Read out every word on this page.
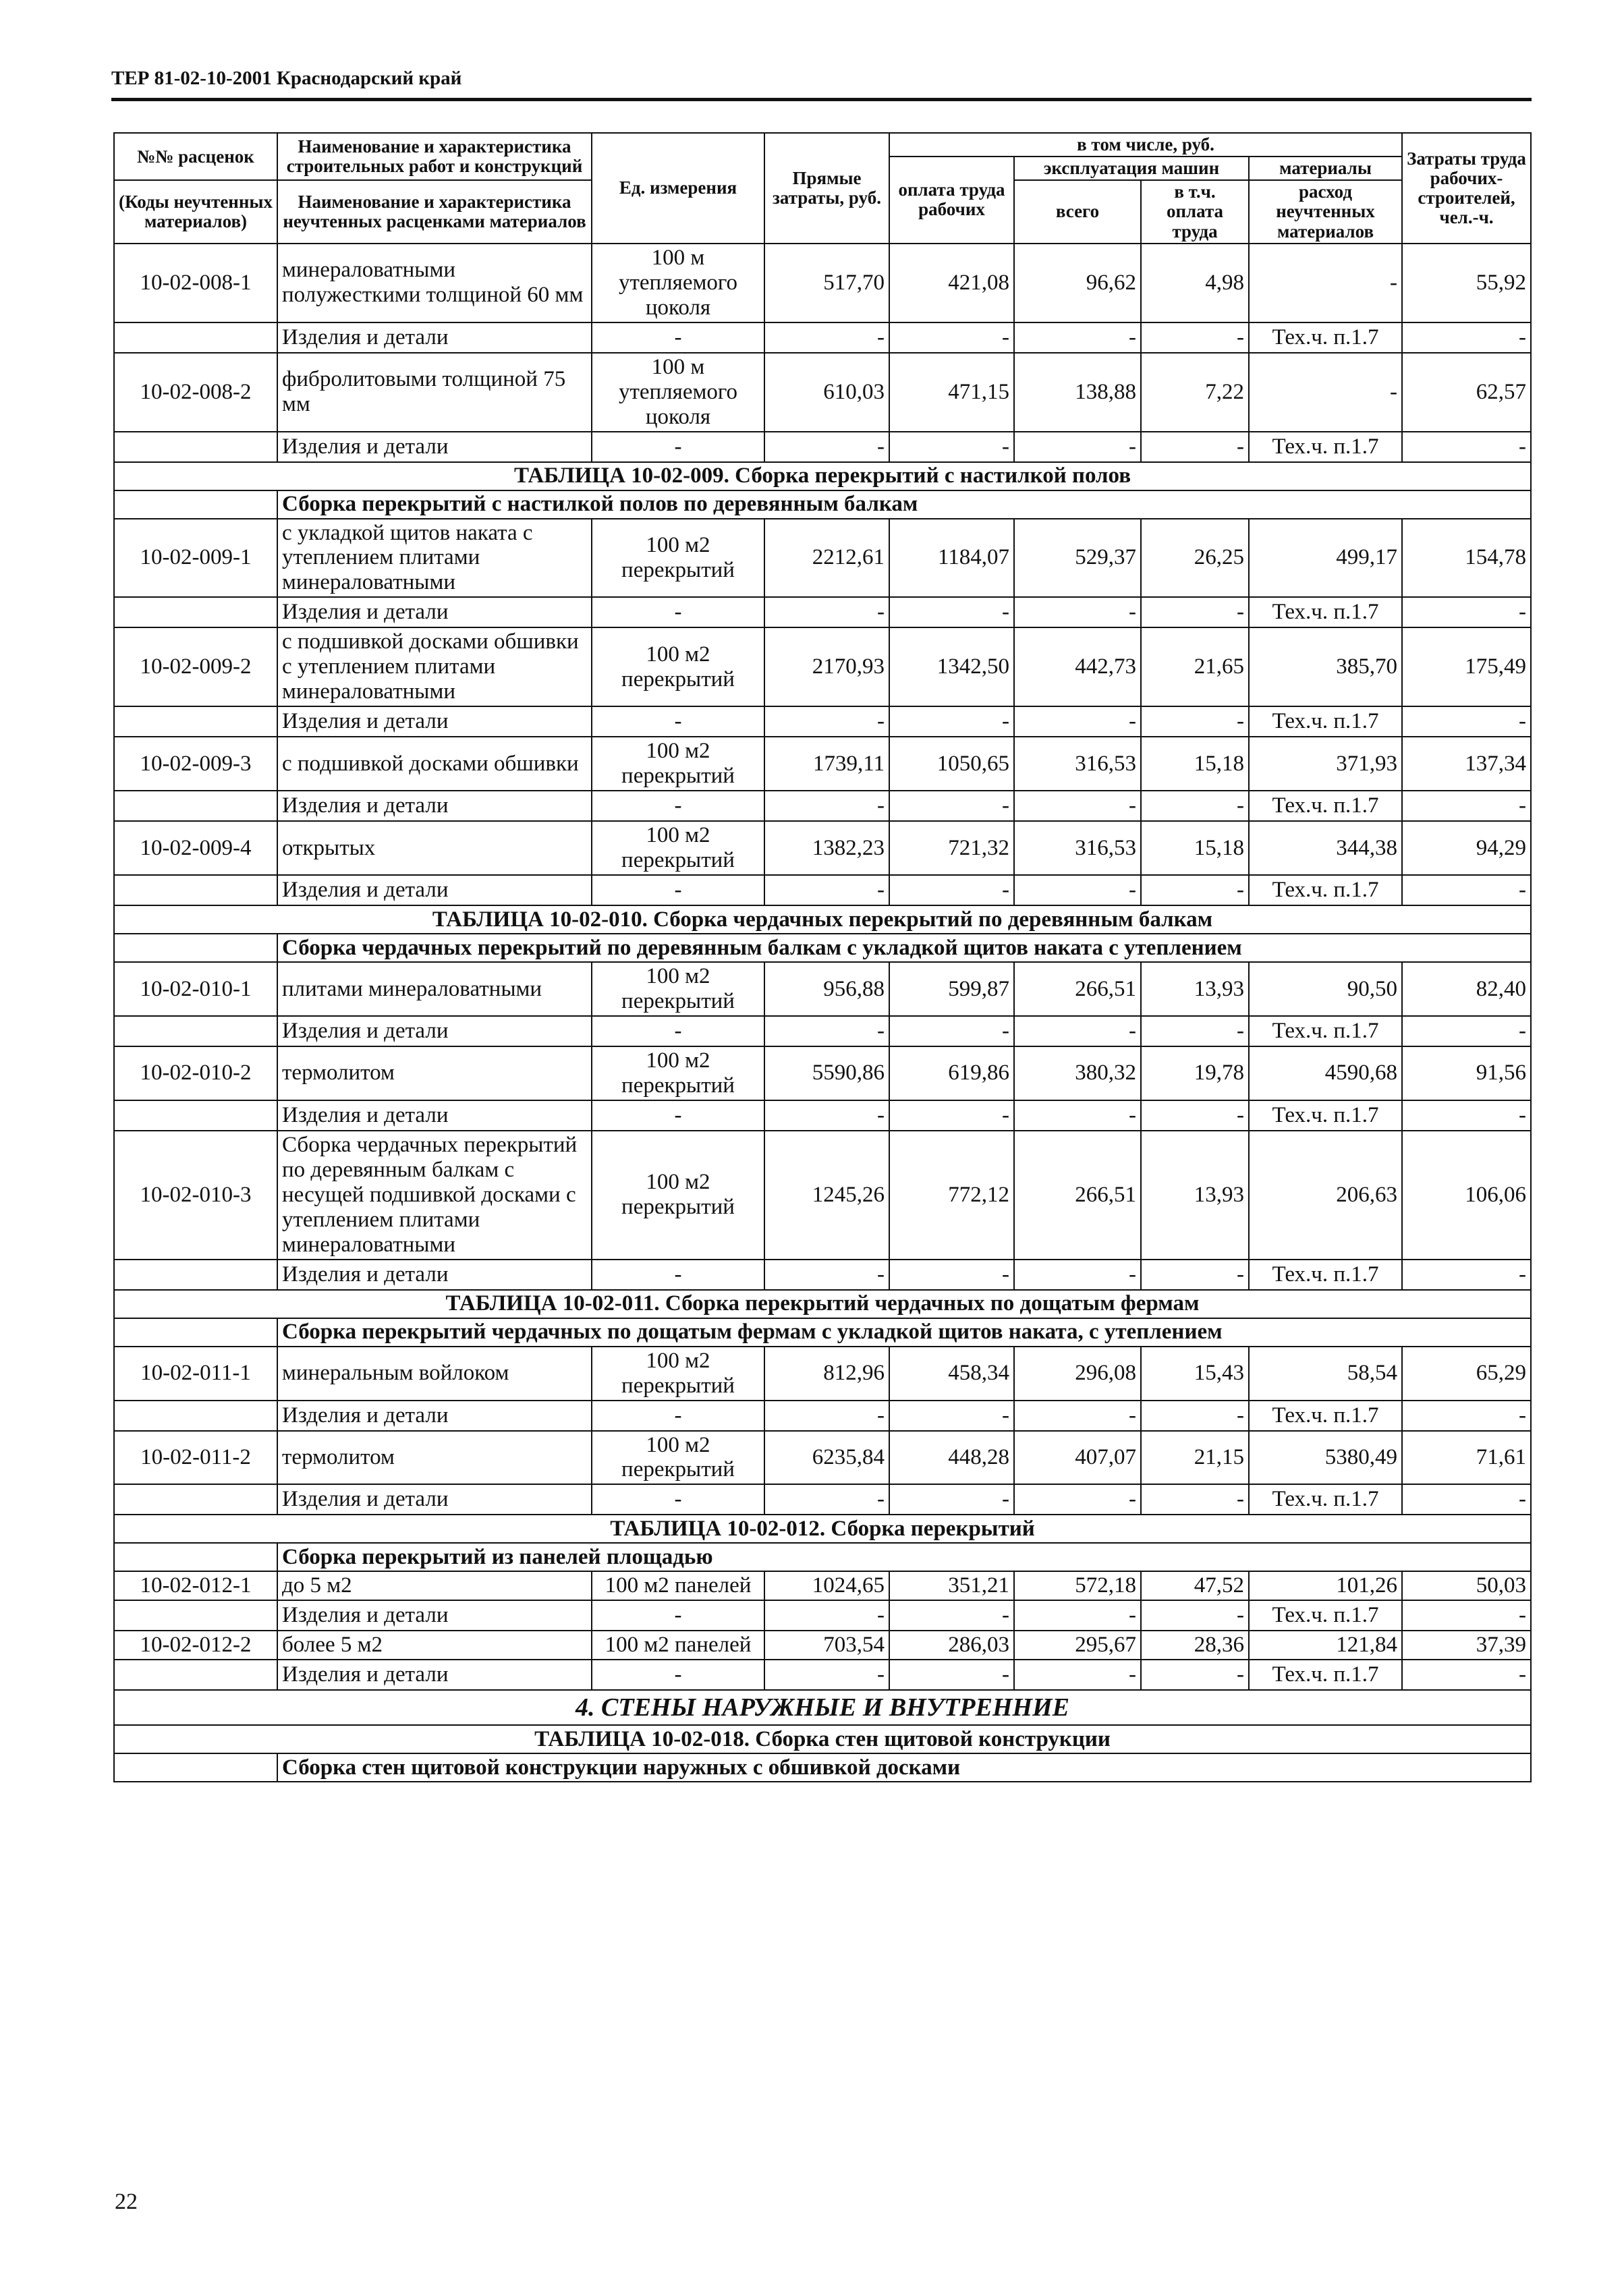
ТЕР 81-02-10-2001 Краснодарский край
№№ расценок	Наименование и характеристика строительных работ и конструкций	Ед. измерения	Прямые затраты, руб.	в том числе, руб.				Затраты труда рабочих-строителей, чел.-ч.
				оплата труда рабочих	эксплуатация машин		материалы	
					всего	в т.ч. оплата труда		
(Коды неучтенных материалов)	Наименование и характеристика неучтенных расценками материалов						расход неучтенных материалов	

10-02-008-1	минераловатными полужесткими толщиной 60 мм	100 м утепляемого цоколя	517,70	421,08	96,62	4,98	-	55,92
	Изделия и детали	-	-	-	-	-	Тех.ч. п.1.7	-
10-02-008-2	фибролитовыми толщиной 75 мм	100 м утепляемого цоколя	610,03	471,15	138,88	7,22	-	62,57
	Изделия и детали	-	-	-	-	-	Тех.ч. п.1.7	-
ТАБЛИЦА 10-02-009. Сборка перекрытий с настилкой полов								
	Сборка перекрытий с настилкой полов по деревянным балкам							
10-02-009-1	с укладкой щитов наката с утеплением плитами минераловатными	100 м2 перекрытий	2212,61	1184,07	529,37	26,25	499,17	154,78
	Изделия и детали	-	-	-	-	-	Тех.ч. п.1.7	-
10-02-009-2	с подшивкой досками обшивки с утеплением плитами минераловатными	100 м2 перекрытий	2170,93	1342,50	442,73	21,65	385,70	175,49
	Изделия и детали	-	-	-	-	-	Тех.ч. п.1.7	-
10-02-009-3	с подшивкой досками обшивки	100 м2 перекрытий	1739,11	1050,65	316,53	15,18	371,93	137,34
	Изделия и детали	-	-	-	-	-	Тех.ч. п.1.7	-
10-02-009-4	открытых	100 м2 перекрытий	1382,23	721,32	316,53	15,18	344,38	94,29
	Изделия и детали	-	-	-	-	-	Тех.ч. п.1.7	-
ТАБЛИЦА 10-02-010. Сборка чердачных перекрытий по деревянным балкам								
	Сборка чердачных перекрытий по деревянным балкам с укладкой щитов наката с утеплением							
10-02-010-1	плитами минераловатными	100 м2 перекрытий	956,88	599,87	266,51	13,93	90,50	82,40
	Изделия и детали	-	-	-	-	-	Тех.ч. п.1.7	-
10-02-010-2	термолитом	100 м2 перекрытий	5590,86	619,86	380,32	19,78	4590,68	91,56
	Изделия и детали	-	-	-	-	-	Тех.ч. п.1.7	-
10-02-010-3	Сборка чердачных перекрытий по деревянным балкам с несущей подшивкой досками с утеплением плитами минераловатными	100 м2 перекрытий	1245,26	772,12	266,51	13,93	206,63	106,06
	Изделия и детали	-	-	-	-	-	Тех.ч. п.1.7	-
ТАБЛИЦА 10-02-011. Сборка перекрытий чердачных по дощатым фермам								
	Сборка перекрытий чердачных по дощатым фермам с укладкой щитов наката, с утеплением							
10-02-011-1	минеральным войлоком	100 м2 перекрытий	812,96	458,34	296,08	15,43	58,54	65,29
	Изделия и детали	-	-	-	-	-	Тех.ч. п.1.7	-
10-02-011-2	термолитом	100 м2 перекрытий	6235,84	448,28	407,07	21,15	5380,49	71,61
	Изделия и детали	-	-	-	-	-	Тех.ч. п.1.7	-
ТАБЛИЦА 10-02-012. Сборка перекрытий								
	Сборка перекрытий из панелей площадью							
10-02-012-1	до 5 м2	100 м2 панелей	1024,65	351,21	572,18	47,52	101,26	50,03
	Изделия и детали	-	-	-	-	-	Тех.ч. п.1.7	-
10-02-012-2	более 5 м2	100 м2 панелей	703,54	286,03	295,67	28,36	121,84	37,39
	Изделия и детали	-	-	-	-	-	Тех.ч. п.1.7	-
4. СТЕНЫ НАРУЖНЫЕ И ВНУТРЕННИЕ								
ТАБЛИЦА 10-02-018. Сборка стен щитовой конструкции								
	Сборка стен щитовой конструкции наружных с обшивкой досками							
22
